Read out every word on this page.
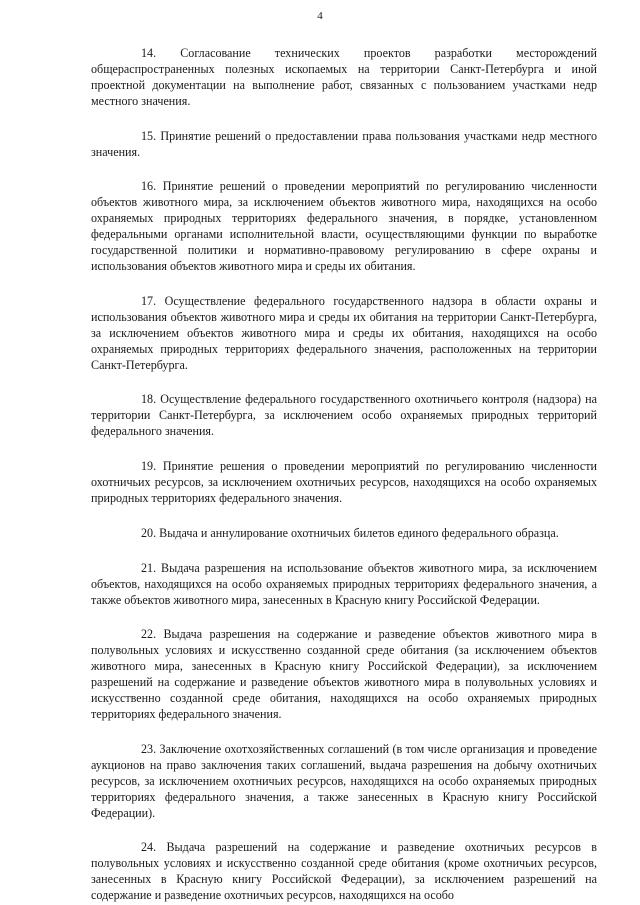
4

14. Согласование технических проектов разработки месторождений общераспространенных полезных ископаемых на территории Санкт-Петербурга и иной проектной документации на выполнение работ, связанных с пользованием участками недр местного значения.

15. Принятие решений о предоставлении права пользования участками недр местного значения.

16. Принятие решений о проведении мероприятий по регулированию численности объектов животного мира, за исключением объектов животного мира, находящихся на особо охраняемых природных территориях федерального значения, в порядке, установленном федеральными органами исполнительной власти, осуществляющими функции по выработке государственной политики и нормативно-правовому регулированию в сфере охраны и использования объектов животного мира и среды их обитания.

17. Осуществление федерального государственного надзора в области охраны и использования объектов животного мира и среды их обитания на территории Санкт-Петербурга, за исключением объектов животного мира и среды их обитания, находящихся на особо охраняемых природных территориях федерального значения, расположенных на территории Санкт-Петербурга.

18. Осуществление федерального государственного охотничьего контроля (надзора) на территории Санкт-Петербурга, за исключением особо охраняемых природных территорий федерального значения.

19. Принятие решения о проведении мероприятий по регулированию численности охотничьих ресурсов, за исключением охотничьих ресурсов, находящихся на особо охраняемых природных территориях федерального значения.

20. Выдача и аннулирование охотничьих билетов единого федерального образца.

21. Выдача разрешения на использование объектов животного мира, за исключением объектов, находящихся на особо охраняемых природных территориях федерального значения, а также объектов животного мира, занесенных в Красную книгу Российской Федерации.

22. Выдача разрешения на содержание и разведение объектов животного мира в полувольных условиях и искусственно созданной среде обитания (за исключением объектов животного мира, занесенных в Красную книгу Российской Федерации), за исключением разрешений на содержание и разведение объектов животного мира в полувольных условиях и искусственно созданной среде обитания, находящихся на особо охраняемых природных территориях федерального значения.

23. Заключение охотхозяйственных соглашений (в том числе организация и проведение аукционов на право заключения таких соглашений, выдача разрешения на добычу охотничьих ресурсов, за исключением охотничьих ресурсов, находящихся на особо охраняемых природных территориях федерального значения, а также занесенных в Красную книгу Российской Федерации).

24. Выдача разрешений на содержание и разведение охотничьих ресурсов в полувольных условиях и искусственно созданной среде обитания (кроме охотничьих ресурсов, занесенных в Красную книгу Российской Федерации), за исключением разрешений на содержание и разведение охотничьих ресурсов, находящихся на особо
